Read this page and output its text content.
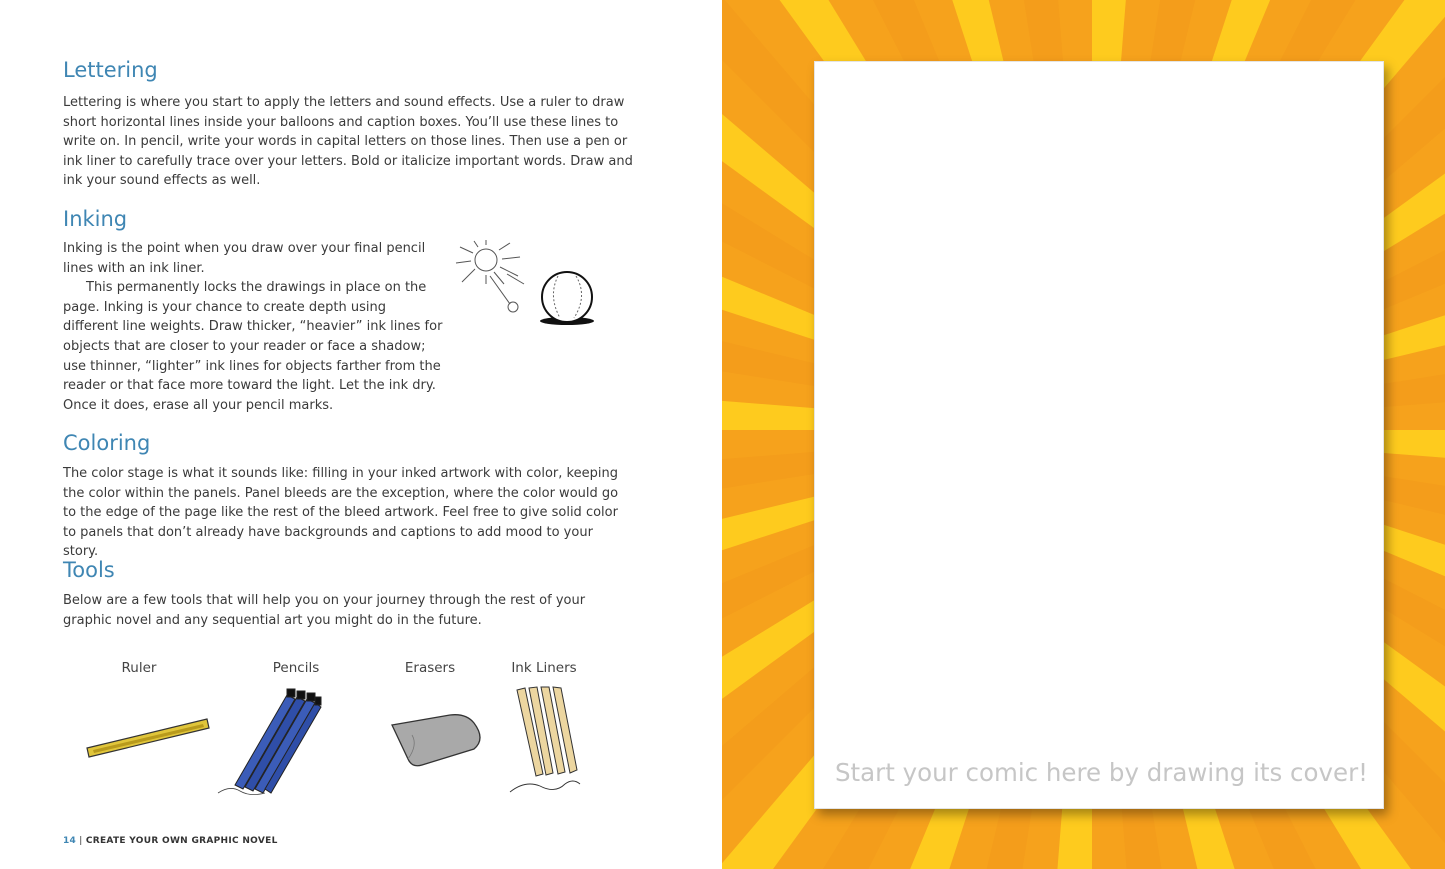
Lettering

Lettering is where you start to apply the letters and sound effects. Use a ruler to draw short horizontal lines inside your balloons and caption boxes. You’ll use these lines to write on. In pencil, write your words in capital letters on those lines. Then use a pen or ink liner to carefully trace over your letters. Bold or italicize important words. Draw and ink your sound effects as well.

Inking
Inking is the point when you draw over your final pencil lines with an ink liner.
This permanently locks the drawings in place on the page. Inking is your chance to create depth using different line weights. Draw thicker, “heavier” ink lines for objects that are closer to your reader or face a shadow; use thinner, “lighter” ink lines for objects farther from the reader or that face more toward the light. Let the ink dry. Once it does, erase all your pencil marks.
Coloring

The color stage is what it sounds like: filling in your inked artwork with color, keeping the color within the panels. Panel bleeds are the exception, where the color would go to the edge of the page like the rest of the bleed artwork. Feel free to give solid color to panels that don’t already have backgrounds and captions to add mood to your story.

Tools

Below are a few tools that will help you on your journey through the rest of your graphic novel and any sequential art you might do in the future.

Ruler	Pencils	Erasers	Ink Liners
14 | CREATE YOUR OWN GRAPHIC NOVEL
Start your comic here by drawing its cover!
